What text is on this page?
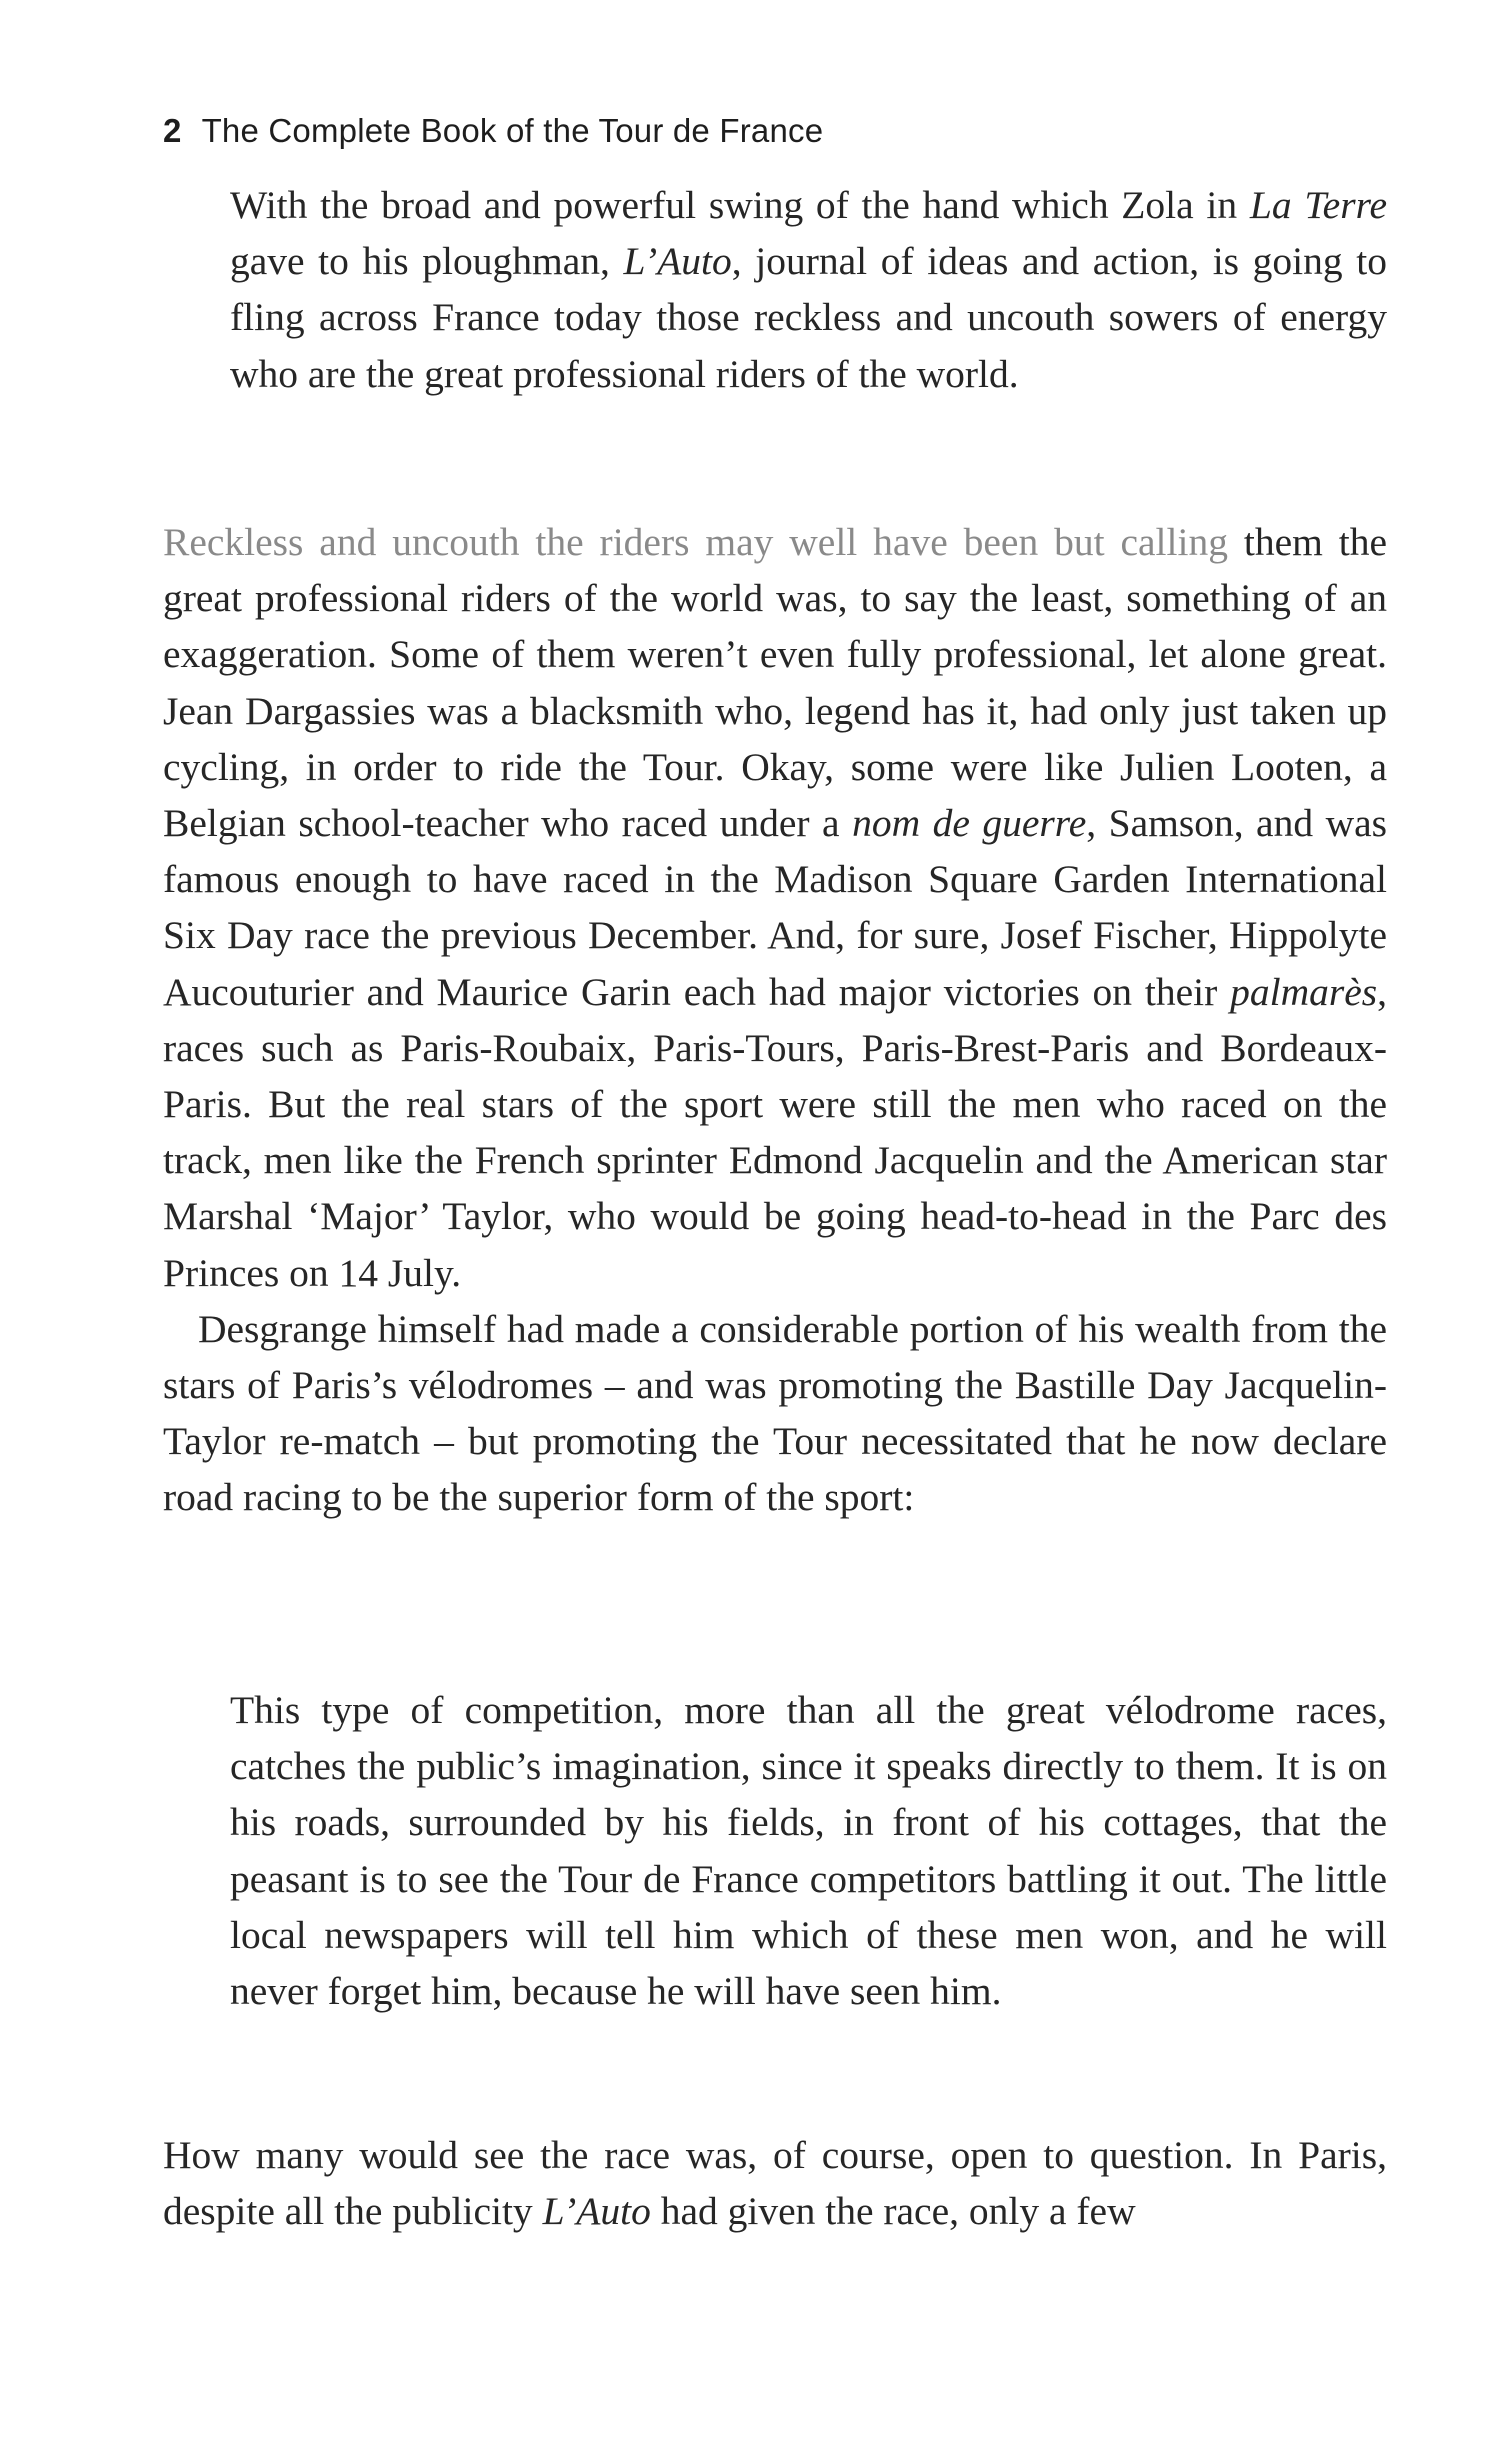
2 The Complete Book of the Tour de France

With the broad and powerful swing of the hand which Zola in La Terre gave to his ploughman, L’Auto, journal of ideas and action, is going to fling across France today those reckless and uncouth sowers of energy who are the great professional riders of the world.

Reckless and uncouth the riders may well have been but calling them the great professional riders of the world was, to say the least, something of an exaggeration. Some of them weren’t even fully professional, let alone great. Jean Dargassies was a blacksmith who, legend has it, had only just taken up cycling, in order to ride the Tour. Okay, some were like Julien Looten, a Belgian school-teacher who raced under a nom de guerre, Samson, and was famous enough to have raced in the Madison Square Garden International Six Day race the previous December. And, for sure, Josef Fischer, Hippolyte Aucouturier and Maurice Garin each had major victories on their palmarès, races such as Paris-Roubaix, Paris-Tours, Paris-Brest-Paris and Bordeaux-Paris. But the real stars of the sport were still the men who raced on the track, men like the French sprinter Edmond Jacquelin and the American star Marshal ‘Major’ Taylor, who would be going head-to-head in the Parc des Princes on 14 July.

Desgrange himself had made a considerable portion of his wealth from the stars of Paris’s vélodromes – and was promoting the Bastille Day Jacquelin-Taylor re-match – but promoting the Tour necessitated that he now declare road racing to be the superior form of the sport:

This type of competition, more than all the great vélodrome races, catches the public’s imagination, since it speaks directly to them. It is on his roads, surrounded by his fields, in front of his cottages, that the peasant is to see the Tour de France competitors battling it out. The little local newspapers will tell him which of these men won, and he will never forget him, because he will have seen him.

How many would see the race was, of course, open to question. In Paris, despite all the publicity L’Auto had given the race, only a few
